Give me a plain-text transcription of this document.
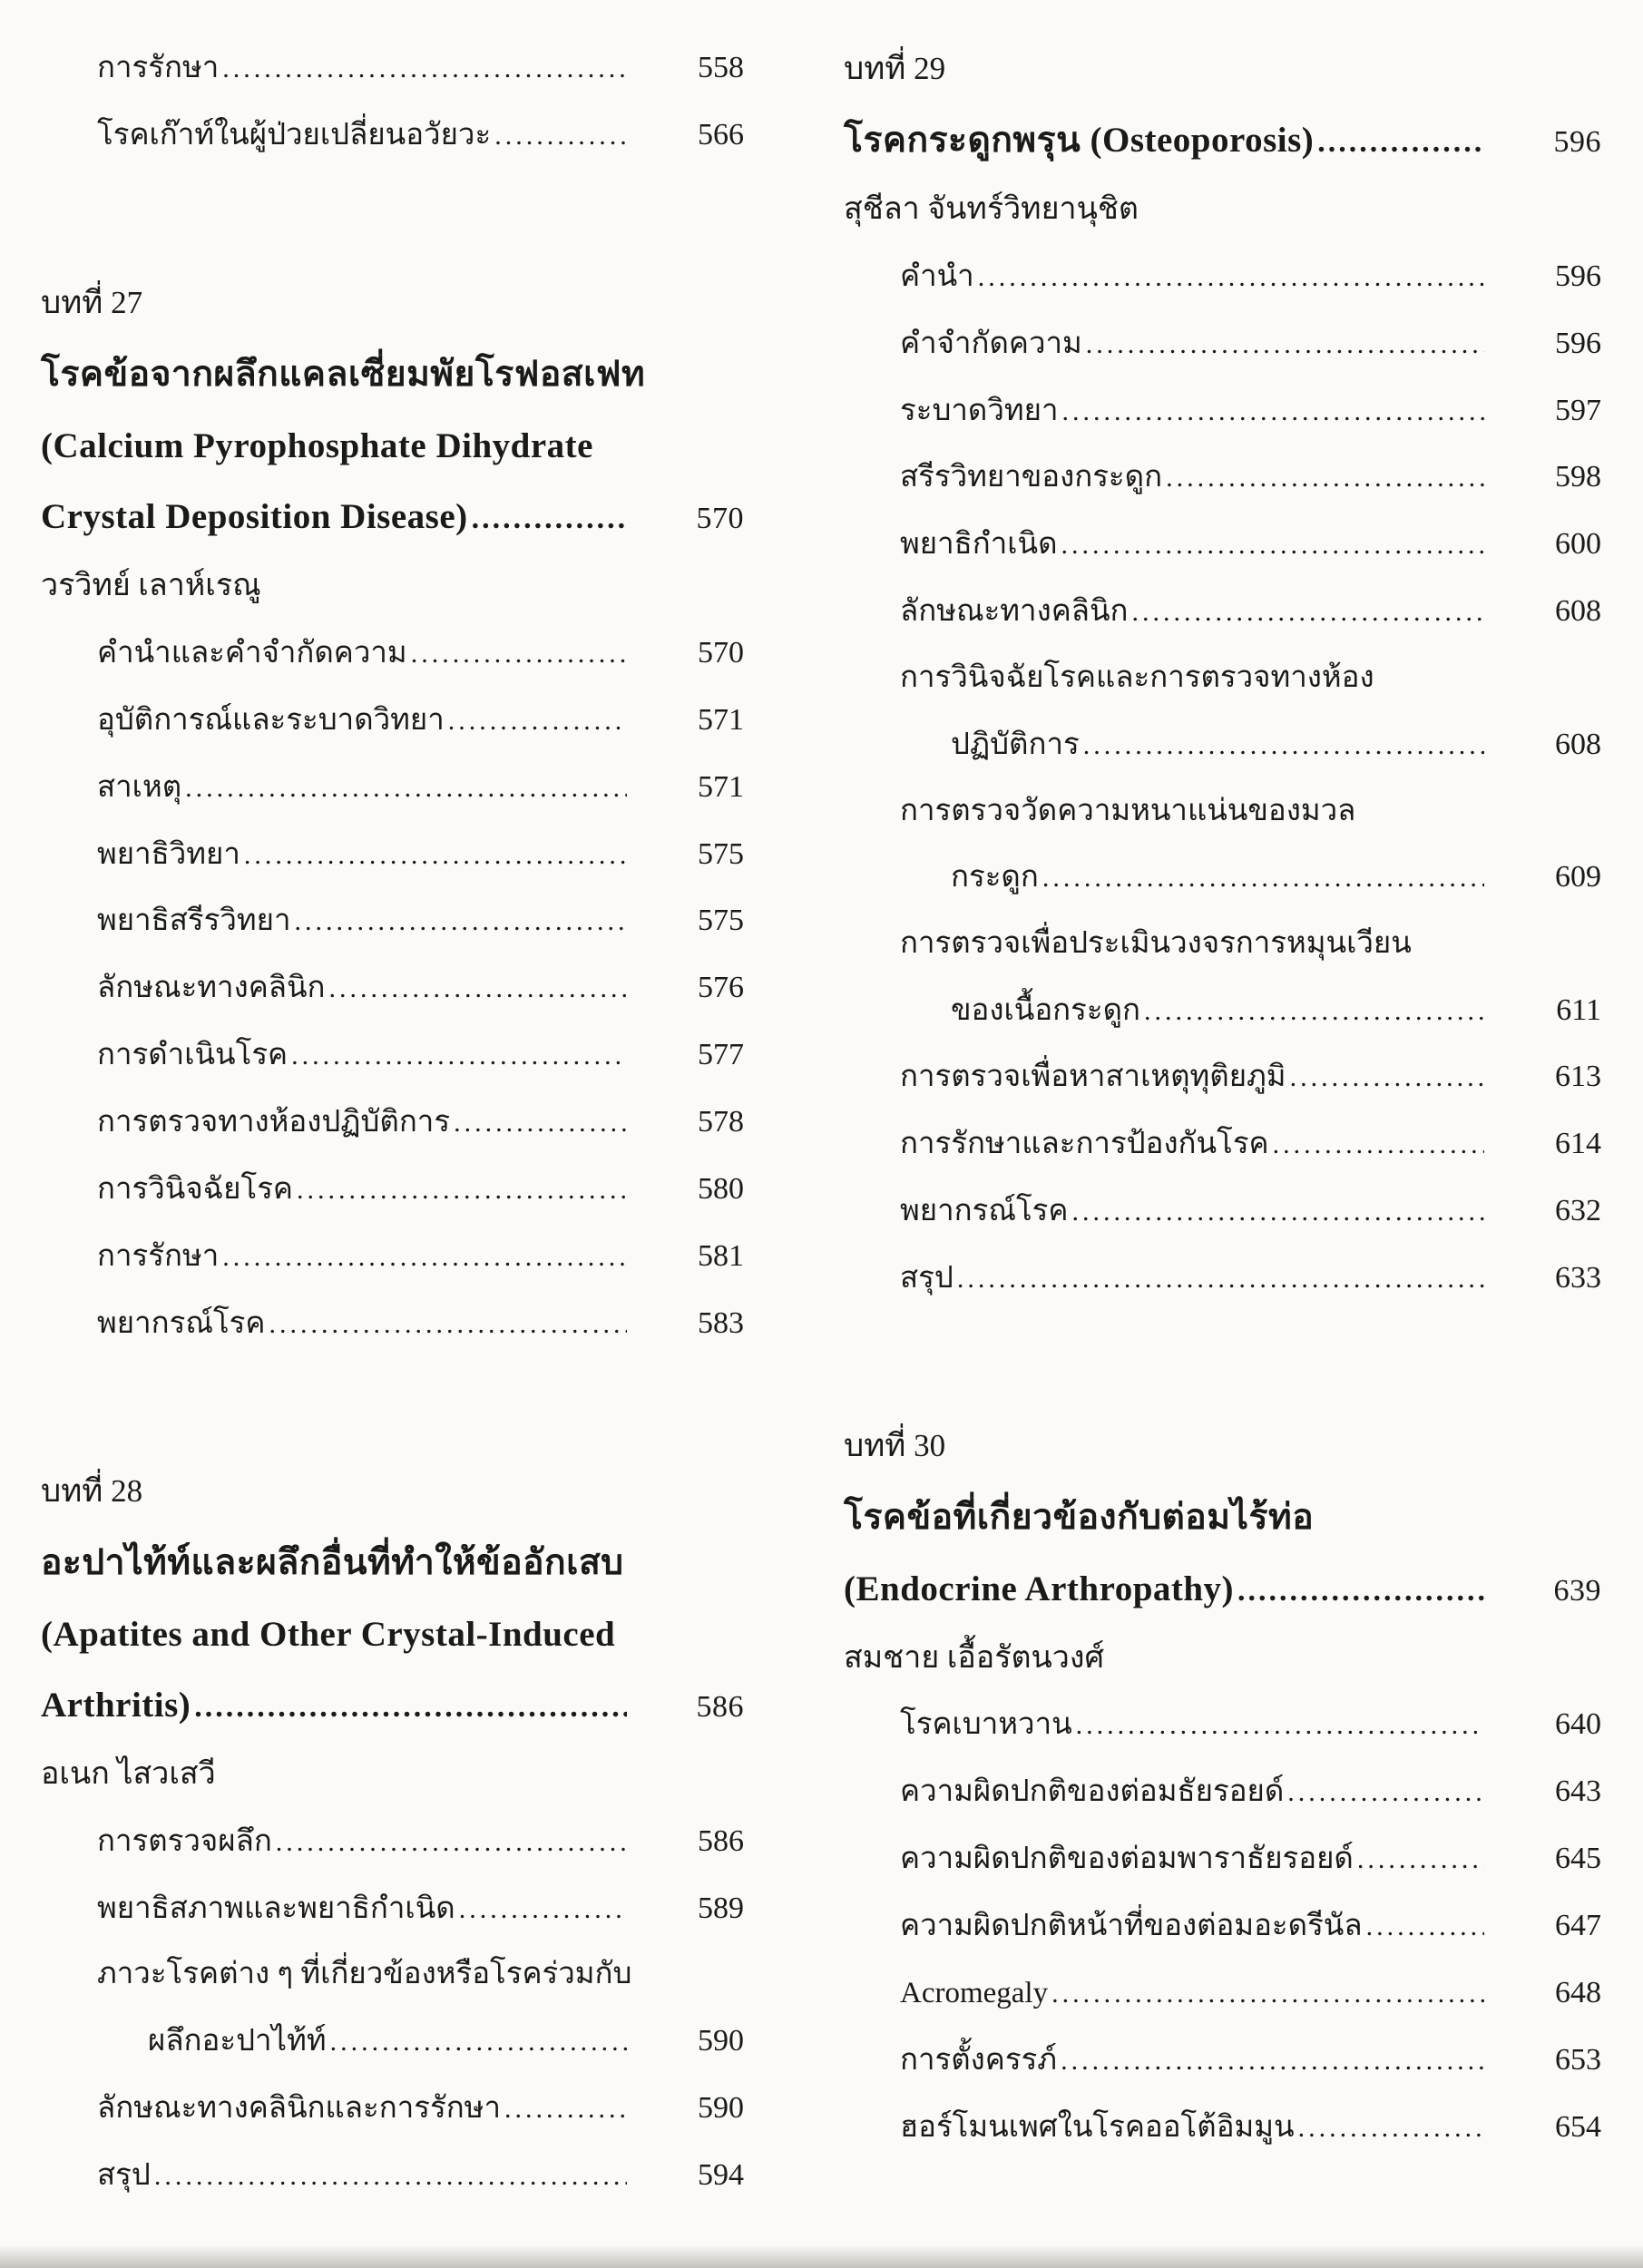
การรักษา .....	558
โรคเก๊าท์ในผู้ป่วยเปลี่ยนอวัยวะ .....	566
บทที่ 27
โรคข้อจากผลึกแคลเซี่ยมพัยโรฟอสเฟท
(Calcium Pyrophosphate Dihydrate
Crystal Deposition Disease) .....	570
วรวิทย์ เลาห์เรณู
คำนำและคำจำกัดความ .....	570
อุบัติการณ์และระบาดวิทยา .....	571
สาเหตุ .....	571
พยาธิวิทยา .....	575
พยาธิสรีรวิทยา .....	575
ลักษณะทางคลินิก .....	576
การดำเนินโรค .....	577
การตรวจทางห้องปฏิบัติการ .....	578
การวินิจฉัยโรค .....	580
การรักษา .....	581
พยากรณ์โรค .....	583
บทที่ 28
อะปาไท้ท์และผลึกอื่นที่ทำให้ข้ออักเสบ
(Apatites and Other Crystal-Induced
Arthritis) .....	586
อเนก ไสวเสวี
การตรวจผลึก .....	586
พยาธิสภาพและพยาธิกำเนิด .....	589
ภาวะโรคต่าง ๆ ที่เกี่ยวข้องหรือโรคร่วมกับ
ผลึกอะปาไท้ท์ .....	590
ลักษณะทางคลินิกและการรักษา .....	590
สรุป .....	594
บทที่ 29
โรคกระดูกพรุน (Osteoporosis) .....	596
สุชีลา จันทร์วิทยานุชิต
คำนำ .....	596
คำจำกัดความ .....	596
ระบาดวิทยา .....	597
สรีรวิทยาของกระดูก .....	598
พยาธิกำเนิด .....	600
ลักษณะทางคลินิก .....	608
การวินิจฉัยโรคและการตรวจทางห้อง
ปฏิบัติการ .....	608
การตรวจวัดความหนาแน่นของมวล
กระดูก .....	609
การตรวจเพื่อประเมินวงจรการหมุนเวียน
ของเนื้อกระดูก .....	611
การตรวจเพื่อหาสาเหตุทุติยภูมิ .....	613
การรักษาและการป้องกันโรค .....	614
พยากรณ์โรค .....	632
สรุป .....	633
บทที่ 30
โรคข้อที่เกี่ยวข้องกับต่อมไร้ท่อ
(Endocrine Arthropathy) .....	639
สมชาย เอื้อรัตนวงศ์
โรคเบาหวาน .....	640
ความผิดปกติของต่อมธัยรอยด์ .....	643
ความผิดปกติของต่อมพาราธัยรอยด์ .....	645
ความผิดปกติหน้าที่ของต่อมอะดรีนัล .....	647
Acromegaly .....	648
การตั้งครรภ์ .....	653
ฮอร์โมนเพศในโรคออโต้อิมมูน .....	654
